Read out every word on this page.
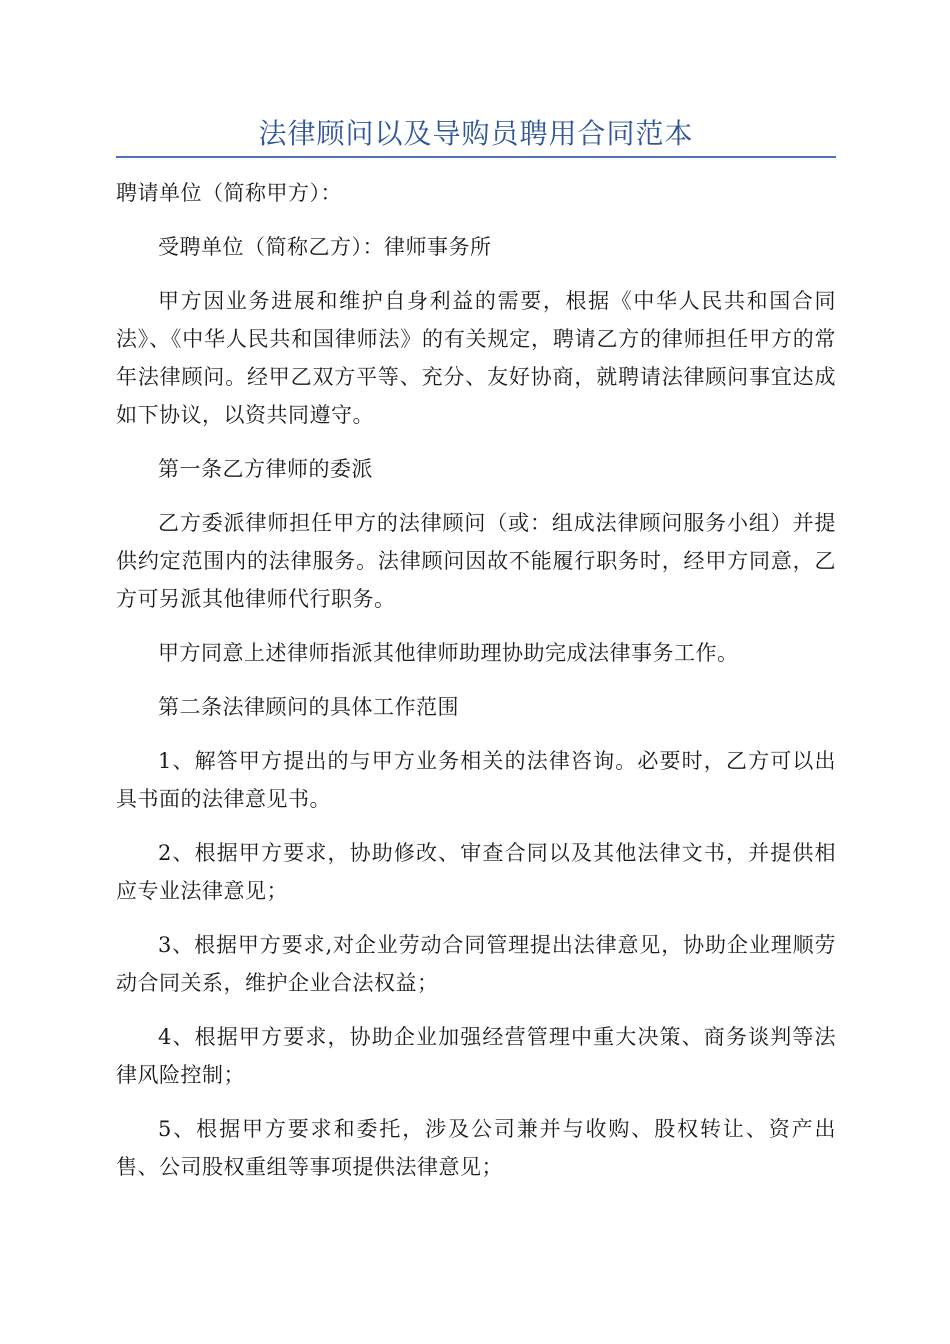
法律顾问以及导购员聘用合同范本

聘请单位（简称甲方）：

受聘单位（简称乙方）：律师事务所

甲方因业务进展和维护自身利益的需要，根据《中华人民共和国合同法》、《中华人民共和国律师法》的有关规定，聘请乙方的律师担任甲方的常年法律顾问。经甲乙双方平等、充分、友好协商，就聘请法律顾问事宜达成如下协议，以资共同遵守。

第一条乙方律师的委派

乙方委派律师担任甲方的法律顾问（或：组成法律顾问服务小组）并提供约定范围内的法律服务。法律顾问因故不能履行职务时，经甲方同意，乙方可另派其他律师代行职务。

甲方同意上述律师指派其他律师助理协助完成法律事务工作。

第二条法律顾问的具体工作范围

1、解答甲方提出的与甲方业务相关的法律咨询。必要时，乙方可以出具书面的法律意见书。

2、根据甲方要求，协助修改、审查合同以及其他法律文书，并提供相应专业法律意见；

3、根据甲方要求,对企业劳动合同管理提出法律意见，协助企业理顺劳动合同关系，维护企业合法权益；

4、根据甲方要求，协助企业加强经营管理中重大决策、商务谈判等法律风险控制；

5、根据甲方要求和委托，涉及公司兼并与收购、股权转让、资产出售、公司股权重组等事项提供法律意见；
